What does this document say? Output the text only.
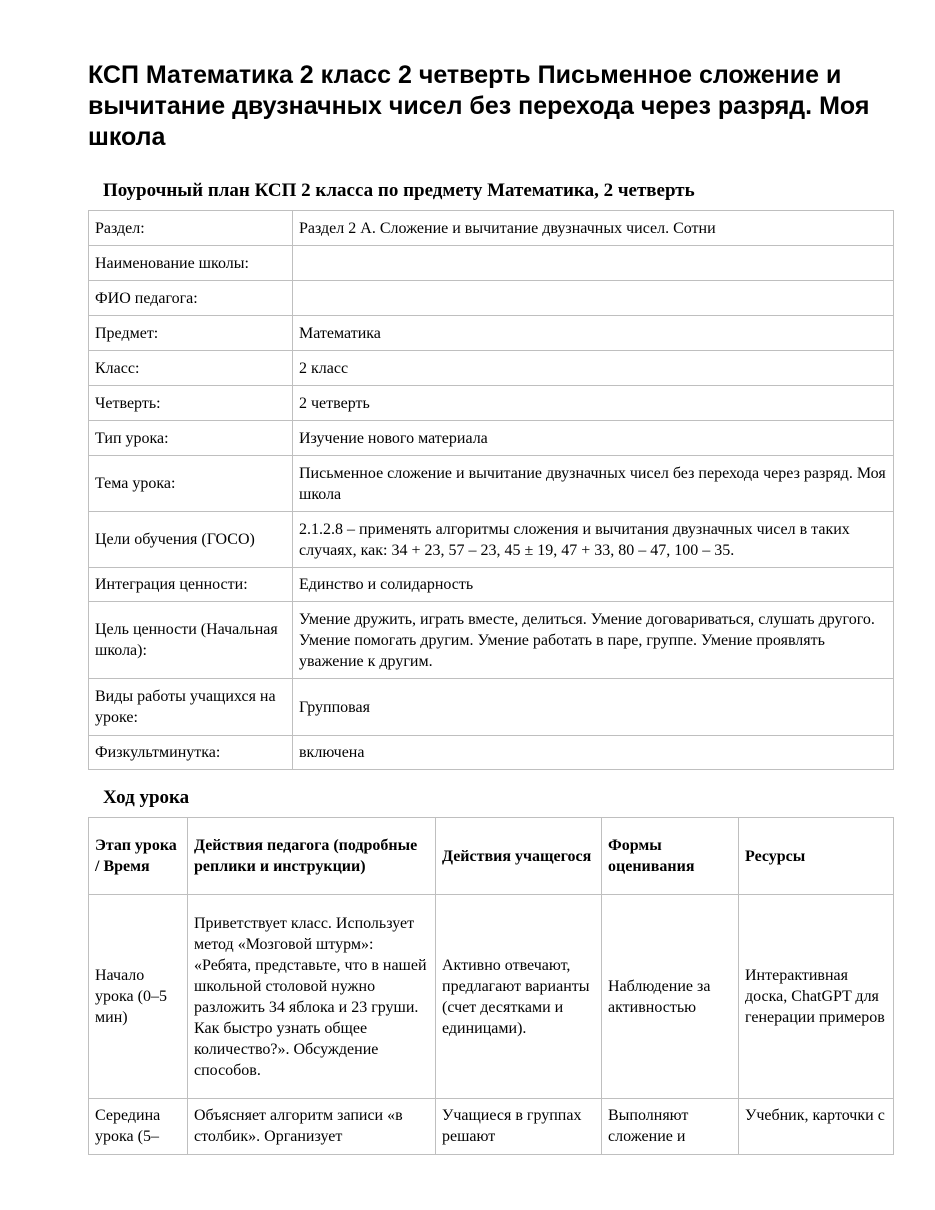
КСП Математика 2 класс 2 четверть Письменное сложение и вычитание двузначных чисел без перехода через разряд. Моя школа
Поурочный план КСП 2 класса по предмету Математика, 2 четверть
Раздел:	Раздел 2 А. Сложение и вычитание двузначных чисел. Сотни
Наименование школы:	
ФИО педагога:	
Предмет:	Математика
Класс:	2 класс
Четверть:	2 четверть
Тип урока:	Изучение нового материала
Тема урока:	Письменное сложение и вычитание двузначных чисел без перехода через разряд. Моя школа
Цели обучения (ГОСО)	2.1.2.8 – применять алгоритмы сложения и вычитания двузначных чисел в таких случаях, как: 34 + 23, 57 – 23, 45 ± 19, 47 + 33, 80 – 47, 100 – 35.
Интеграция ценности:	Единство и солидарность
Цель ценности (Начальная школа):	Умение дружить, играть вместе, делиться. Умение договариваться, слушать другого. Умение помогать другим. Умение работать в паре, группе. Умение проявлять уважение к другим.
Виды работы учащихся на уроке:	Групповая
Физкультминутка:	включена
Ход урока
Этап урока / Время	Действия педагога (подробные реплики и инструкции)	Действия учащегося	Формы оценивания	Ресурсы
Начало урока (0–5 мин)	Приветствует класс. Использует метод «Мозговой штурм»: «Ребята, представьте, что в нашей школьной столовой нужно разложить 34 яблока и 23 груши. Как быстро узнать общее количество?». Обсуждение способов.	Активно отвечают, предлагают варианты (счет десятками и единицами).	Наблюдение за активностью	Интерактивная доска, ChatGPT для генерации примеров
Середина урока (5–	Объясняет алгоритм записи «в столбик». Организует	Учащиеся в группах решают	Выполняют сложение и	Учебник, карточки с
